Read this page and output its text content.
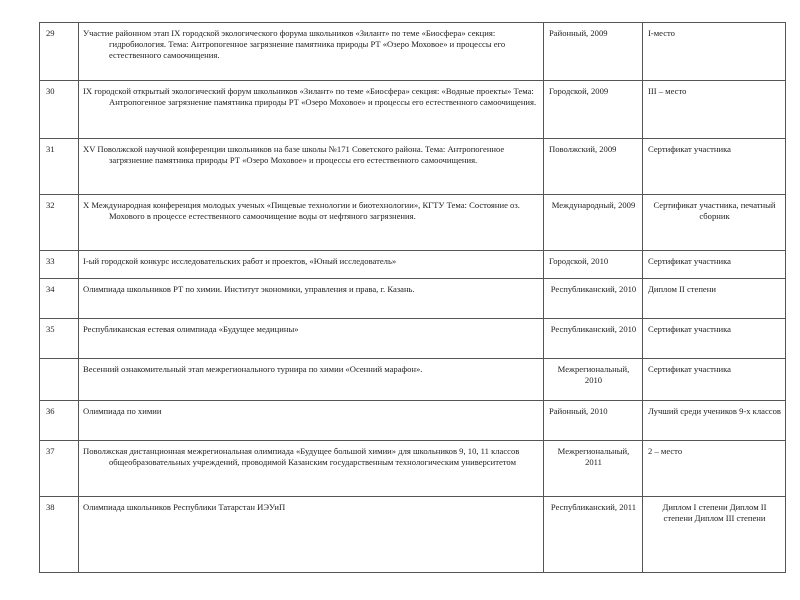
29	Участие районном этап IX городской экологического форума школьников «Зилант» по теме «Биосфера» секция: гидробиология. Тема: Антропогенное загрязнение памятника природы РТ «Озеро Моховое» и процессы его естественного самоочищения.	Районный, 2009	I-место
30	IX городской открытый экологический форум школьников «Зилант» по теме «Биосфера» секция: «Водные проекты» Тема: Антропогенное загрязнение памятника природы РТ «Озеро Моховое» и процессы его естественного самоочищения.	Городской, 2009	III – место
31	XV Поволжской научной конференции школьников на базе школы №171 Советского района. Тема: Антропогенное загрязнение памятника природы РТ «Озеро Моховое» и процессы его естественного самоочищения.	Поволжский, 2009	Сертификат участника
32	X Международная конференция молодых ученых «Пищевые технологии и биотехнологии», КГТУ Тема: Состояние оз. Мохового в процессе естественного самоочищение воды от нефтяного загрязнения.	Международный, 2009	Сертификат участника, печатный сборник
33	I-ый городской конкурс исследовательских работ и проектов, «Юный исследователь»	Городской, 2010	Сертификат участника
34	Олимпиада школьников РТ по химии. Институт экономики, управления и права, г. Казань.	Республиканский, 2010	Диплом II степени
35	Республиканская естевая олимпиада «Будущее медицины»	Республиканский, 2010	Сертификат участника
	Весенний ознакомительный этап межрегионального турнира по химии «Осенний марафон».	Межрегиональный, 2010	Сертификат участника
36	Олимпиада по химии	Районный, 2010	Лучший среди учеников 9-х классов
37	Поволжская дистанционная межрегиональная олимпиада «Будущее большой химии» для школьников 9, 10, 11 классов общеобразовательных учреждений, проводимой Казанским государственным технологическим университетом	Межрегиональный, 2011	2 – место
38	Олимпиада школьников Республики Татарстан ИЭУиП	Республиканский, 2011	Диплом I степени Диплом II степени Диплом III степени
